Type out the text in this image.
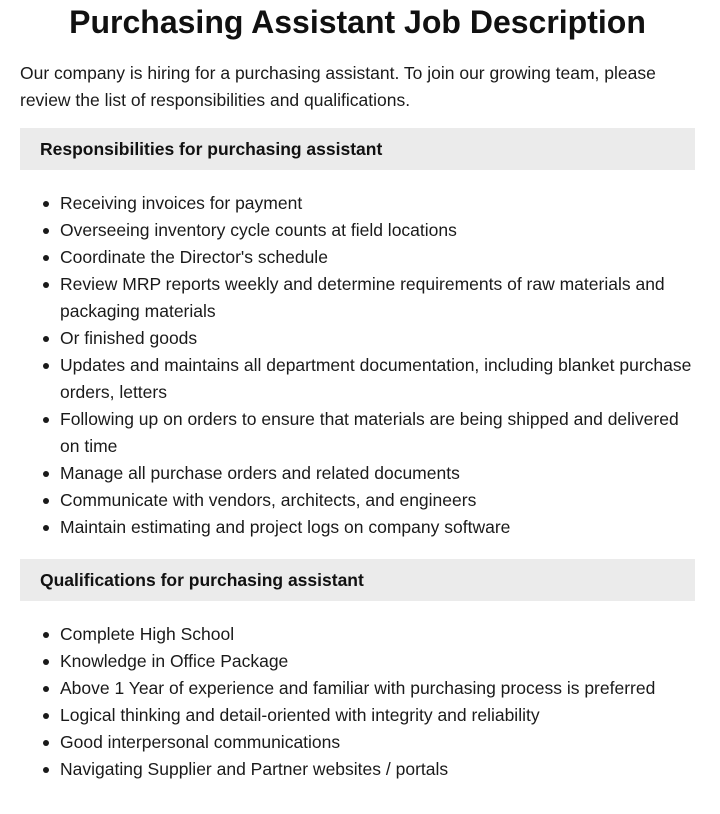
Purchasing Assistant Job Description

Our company is hiring for a purchasing assistant. To join our growing team, please review the list of responsibilities and qualifications.

Responsibilities for purchasing assistant
Receiving invoices for payment
Overseeing inventory cycle counts at field locations
Coordinate the Director's schedule
Review MRP reports weekly and determine requirements of raw materials and packaging materials
Or finished goods
Updates and maintains all department documentation, including blanket purchase orders, letters
Following up on orders to ensure that materials are being shipped and delivered on time
Manage all purchase orders and related documents
Communicate with vendors, architects, and engineers
Maintain estimating and project logs on company software
Qualifications for purchasing assistant
Complete High School
Knowledge in Office Package
Above 1 Year of experience and familiar with purchasing process is preferred
Logical thinking and detail-oriented with integrity and reliability
Good interpersonal communications
Navigating Supplier and Partner websites / portals
